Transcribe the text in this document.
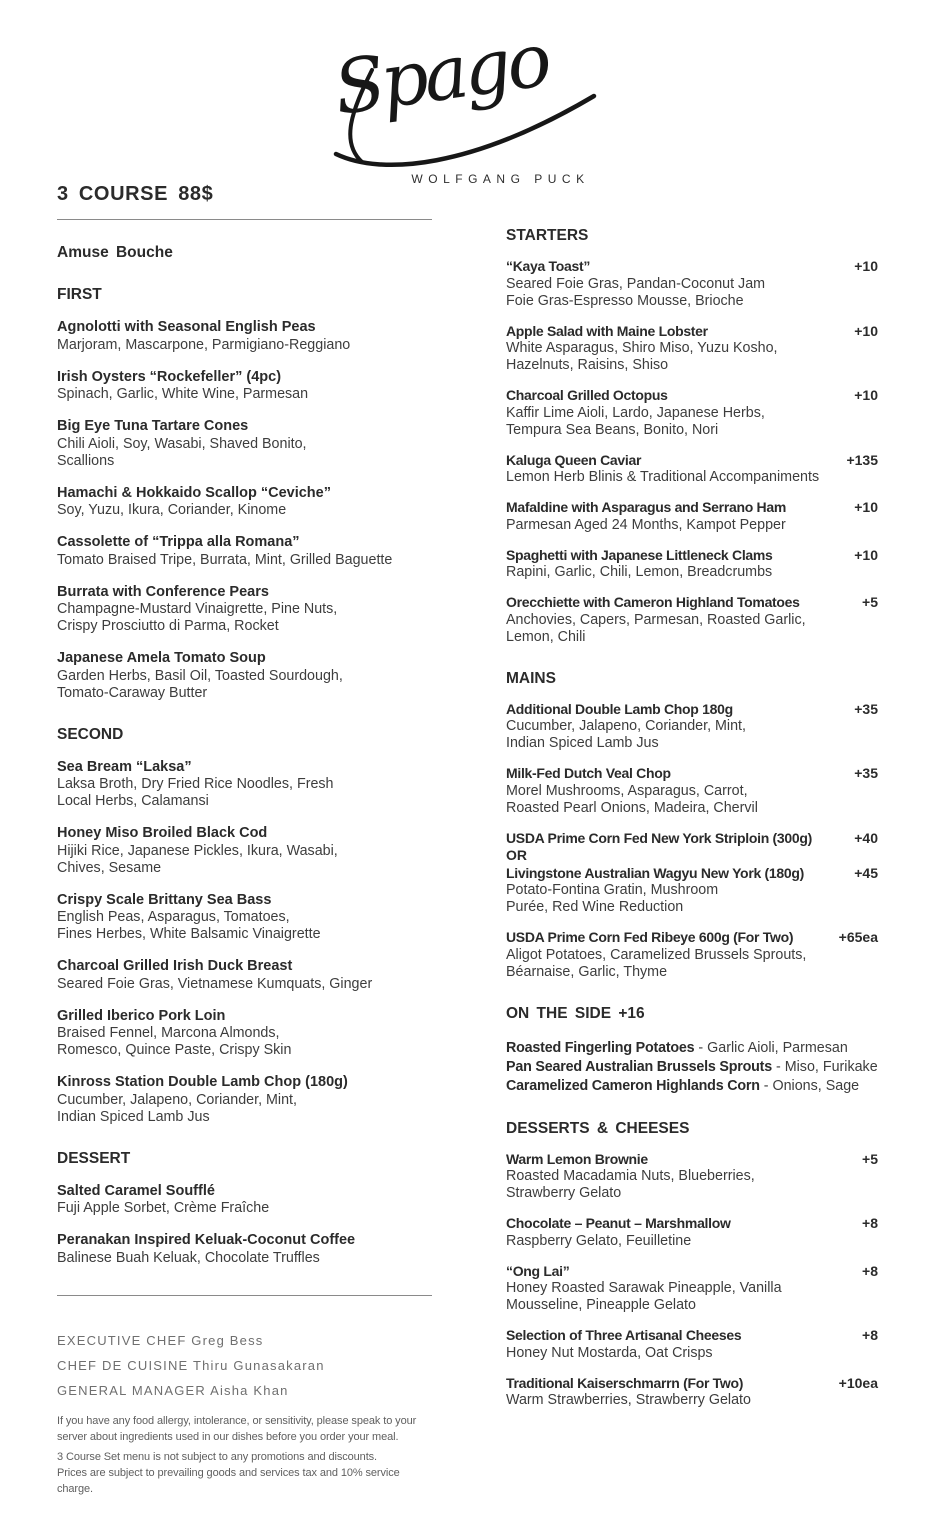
Spago
WOLFGANG PUCK
3 COURSE 88$
Amuse Bouche
FIRST
Agnolotti with Seasonal English Peas
Marjoram, Mascarpone, Parmigiano-Reggiano
Irish Oysters “Rockefeller” (4pc)
Spinach, Garlic, White Wine, Parmesan
Big Eye Tuna Tartare Cones
Chili Aioli, Soy, Wasabi, Shaved Bonito,
Scallions
Hamachi & Hokkaido Scallop “Ceviche”
Soy, Yuzu, Ikura, Coriander, Kinome
Cassolette of “Trippa alla Romana”
Tomato Braised Tripe, Burrata, Mint, Grilled Baguette
Burrata with Conference Pears
Champagne-Mustard Vinaigrette, Pine Nuts,
Crispy Prosciutto di Parma, Rocket
Japanese Amela Tomato Soup
Garden Herbs, Basil Oil, Toasted Sourdough,
Tomato-Caraway Butter
SECOND
Sea Bream “Laksa”
Laksa Broth, Dry Fried Rice Noodles, Fresh
Local Herbs, Calamansi
Honey Miso Broiled Black Cod
Hijiki Rice, Japanese Pickles, Ikura, Wasabi,
Chives, Sesame
Crispy Scale Brittany Sea Bass
English Peas, Asparagus, Tomatoes,
Fines Herbes, White Balsamic Vinaigrette
Charcoal Grilled Irish Duck Breast
Seared Foie Gras, Vietnamese Kumquats, Ginger
Grilled Iberico Pork Loin
Braised Fennel, Marcona Almonds,
Romesco, Quince Paste, Crispy Skin
Kinross Station Double Lamb Chop (180g)
Cucumber, Jalapeno, Coriander, Mint,
Indian Spiced Lamb Jus
DESSERT
Salted Caramel Soufflé
Fuji Apple Sorbet, Crème Fraîche
Peranakan Inspired Keluak-Coconut Coffee
Balinese Buah Keluak, Chocolate Truffles
EXECUTIVE CHEF Greg Bess
CHEF DE CUISINE Thiru Gunasakaran
GENERAL MANAGER Aisha Khan
If you have any food allergy, intolerance, or sensitivity, please speak to your
server about ingredients used in our dishes before you order your meal.
3 Course Set menu is not subject to any promotions and discounts.
Prices are subject to prevailing goods and services tax and 10% service
charge.
STARTERS
“Kaya Toast”	+10
Seared Foie Gras, Pandan-Coconut Jam
Foie Gras-Espresso Mousse, Brioche
Apple Salad with Maine Lobster	+10
White Asparagus, Shiro Miso, Yuzu Kosho,
Hazelnuts, Raisins, Shiso
Charcoal Grilled Octopus	+10
Kaffir Lime Aioli, Lardo, Japanese Herbs,
Tempura Sea Beans, Bonito, Nori
Kaluga Queen Caviar	+135
Lemon Herb Blinis & Traditional Accompaniments
Mafaldine with Asparagus and Serrano Ham	+10
Parmesan Aged 24 Months, Kampot Pepper
Spaghetti with Japanese Littleneck Clams	+10
Rapini, Garlic, Chili, Lemon, Breadcrumbs
Orecchiette with Cameron Highland Tomatoes	+5
Anchovies, Capers, Parmesan, Roasted Garlic,
Lemon, Chili
MAINS
Additional Double Lamb Chop 180g	+35
Cucumber, Jalapeno, Coriander, Mint,
Indian Spiced Lamb Jus
Milk-Fed Dutch Veal Chop	+35
Morel Mushrooms, Asparagus, Carrot,
Roasted Pearl Onions, Madeira, Chervil
USDA Prime Corn Fed New York Striploin (300g)	+40
OR
Livingstone Australian Wagyu New York (180g)	+45
Potato-Fontina Gratin, Mushroom
Purée, Red Wine Reduction
USDA Prime Corn Fed Ribeye 600g (For Two)	+65ea
Aligot Potatoes, Caramelized Brussels Sprouts,
Béarnaise, Garlic, Thyme
ON THE SIDE +16
Roasted Fingerling Potatoes - Garlic Aioli, Parmesan
Pan Seared Australian Brussels Sprouts - Miso, Furikake
Caramelized Cameron Highlands Corn - Onions, Sage
DESSERTS & CHEESES
Warm Lemon Brownie	+5
Roasted Macadamia Nuts, Blueberries,
Strawberry Gelato
Chocolate – Peanut – Marshmallow	+8
Raspberry Gelato, Feuilletine
“Ong Lai”	+8
Honey Roasted Sarawak Pineapple, Vanilla
Mousseline, Pineapple Gelato
Selection of Three Artisanal Cheeses	+8
Honey Nut Mostarda, Oat Crisps
Traditional Kaiserschmarrn (For Two)	+10ea
Warm Strawberries, Strawberry Gelato
